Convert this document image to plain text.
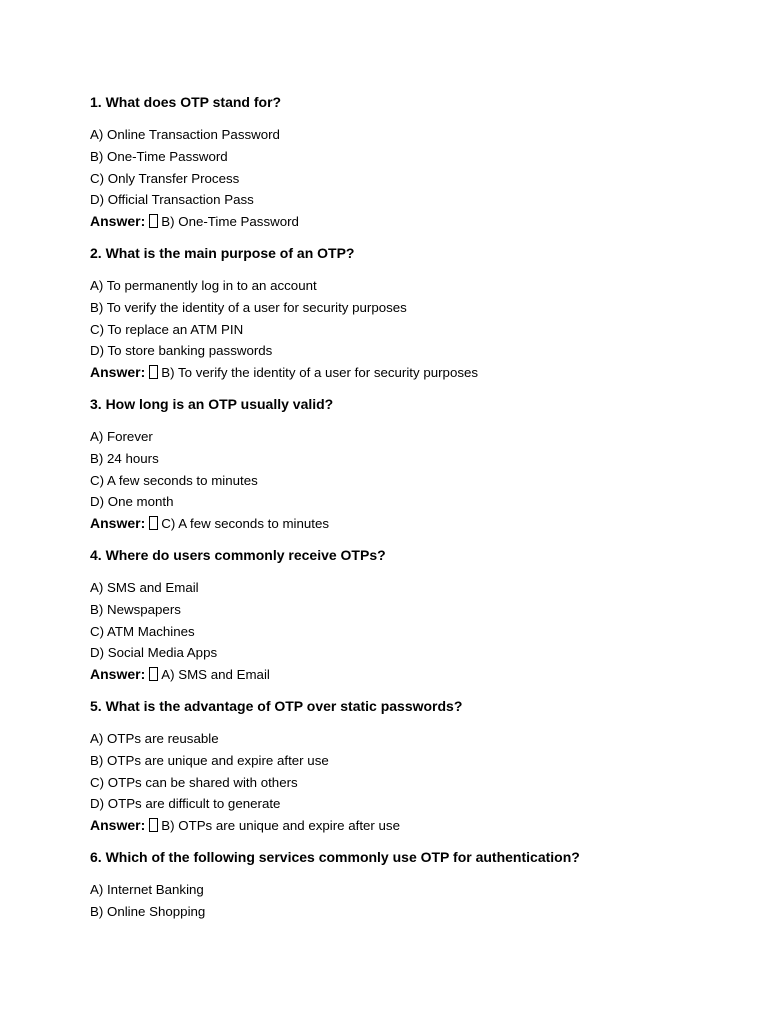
1. What does OTP stand for?
A) Online Transaction Password
B) One-Time Password
C) Only Transfer Process
D) Official Transaction Pass
Answer: B) One-Time Password
2. What is the main purpose of an OTP?
A) To permanently log in to an account
B) To verify the identity of a user for security purposes
C) To replace an ATM PIN
D) To store banking passwords
Answer: B) To verify the identity of a user for security purposes
3. How long is an OTP usually valid?
A) Forever
B) 24 hours
C) A few seconds to minutes
D) One month
Answer: C) A few seconds to minutes
4. Where do users commonly receive OTPs?
A) SMS and Email
B) Newspapers
C) ATM Machines
D) Social Media Apps
Answer: A) SMS and Email
5. What is the advantage of OTP over static passwords?
A) OTPs are reusable
B) OTPs are unique and expire after use
C) OTPs can be shared with others
D) OTPs are difficult to generate
Answer: B) OTPs are unique and expire after use
6. Which of the following services commonly use OTP for authentication?
A) Internet Banking
B) Online Shopping
